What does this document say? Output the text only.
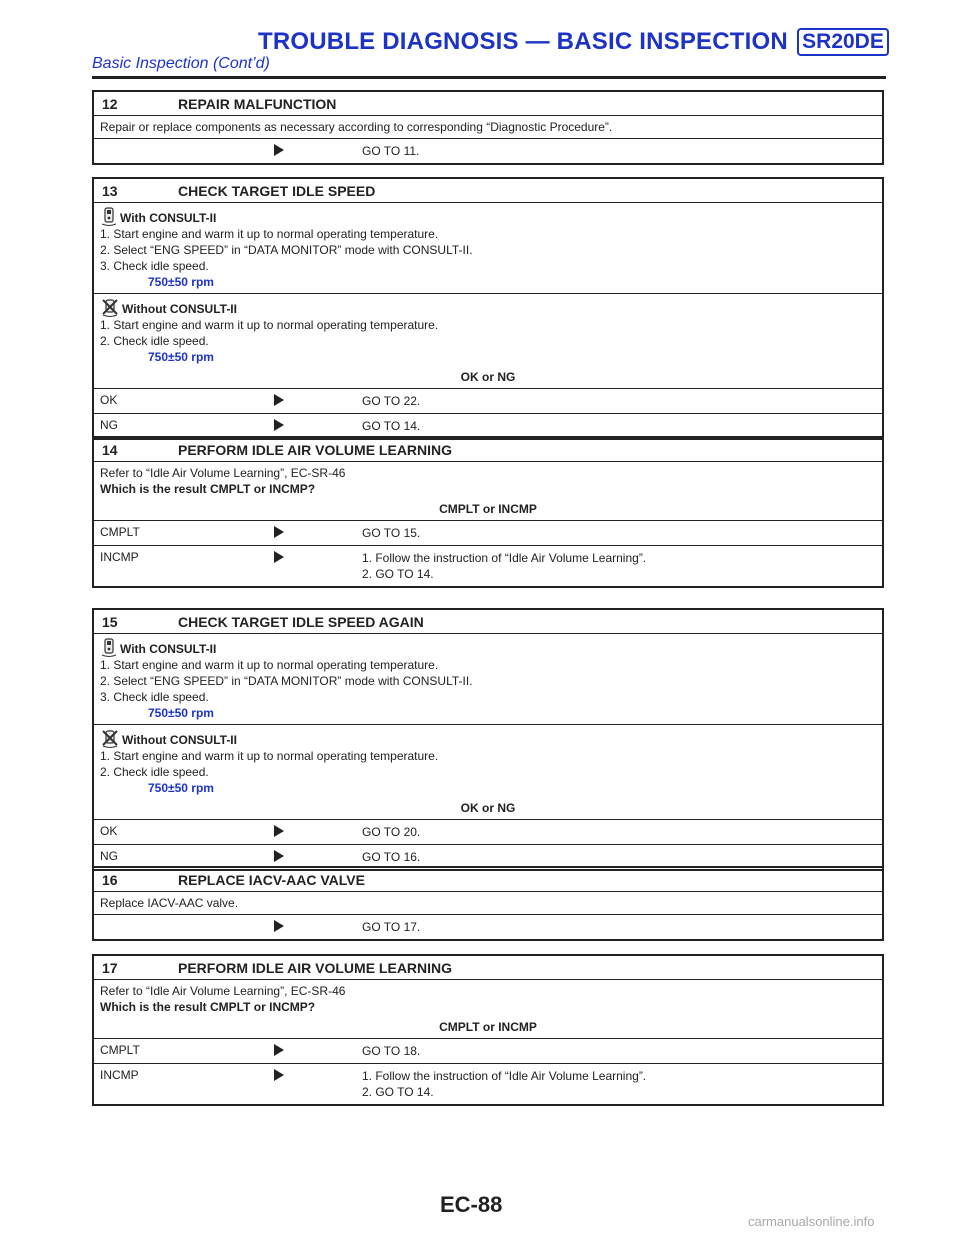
TROUBLE DIAGNOSIS — BASIC INSPECTION SR20DE
Basic Inspection (Cont’d)
12	REPAIR MALFUNCTION
Repair or replace components as necessary according to corresponding “Diagnostic Procedure”.
GO TO 11.
13	CHECK TARGET IDLE SPEED
With CONSULT-II
1. Start engine and warm it up to normal operating temperature.
2. Select “ENG SPEED” in “DATA MONITOR” mode with CONSULT-II.
3. Check idle speed.
750±50 rpm
Without CONSULT-II
1. Start engine and warm it up to normal operating temperature.
2. Check idle speed.
750±50 rpm
OK or NG
OK	GO TO 22.
NG	GO TO 14.
14	PERFORM IDLE AIR VOLUME LEARNING
Refer to “Idle Air Volume Learning”, EC-SR-46
Which is the result CMPLT or INCMP?
CMPLT or INCMP
CMPLT	GO TO 15.
INCMP	1. Follow the instruction of “Idle Air Volume Learning”.
2. GO TO 14.
15	CHECK TARGET IDLE SPEED AGAIN
With CONSULT-II
1. Start engine and warm it up to normal operating temperature.
2. Select “ENG SPEED” in “DATA MONITOR” mode with CONSULT-II.
3. Check idle speed.
750±50 rpm
Without CONSULT-II
1. Start engine and warm it up to normal operating temperature.
2. Check idle speed.
750±50 rpm
OK or NG
OK	GO TO 20.
NG	GO TO 16.
16	REPLACE IACV-AAC VALVE
Replace IACV-AAC valve.
GO TO 17.
17	PERFORM IDLE AIR VOLUME LEARNING
Refer to “Idle Air Volume Learning”, EC-SR-46
Which is the result CMPLT or INCMP?
CMPLT or INCMP
CMPLT	GO TO 18.
INCMP	1. Follow the instruction of “Idle Air Volume Learning”.
2. GO TO 14.
EC-88
carmanualsonline.info
